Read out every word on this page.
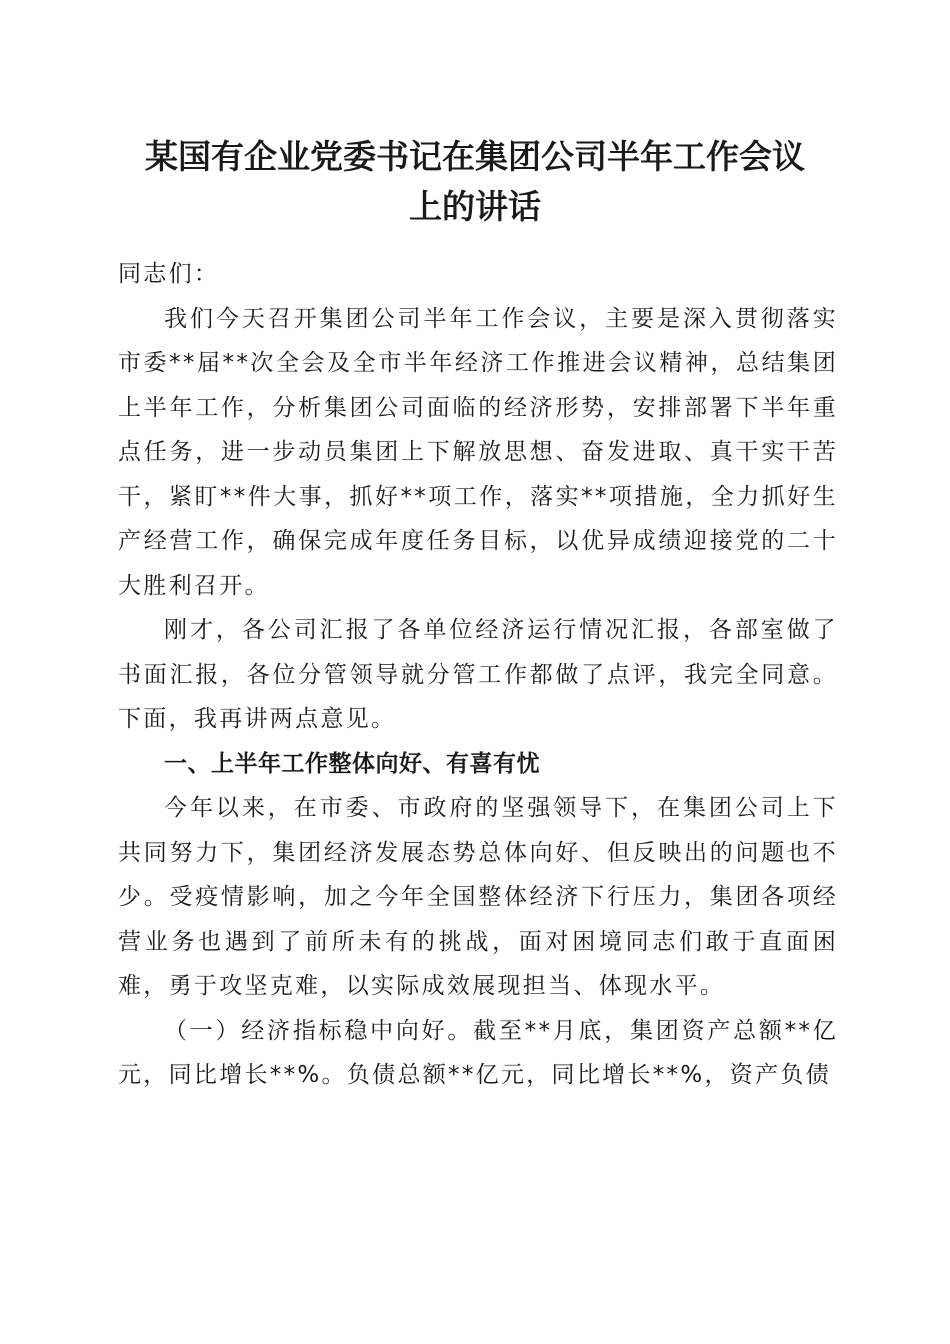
某国有企业党委书记在集团公司半年工作会议
上的讲话

同志们：

我们今天召开集团公司半年工作会议，主要是深入贯彻落实市委**届**次全会及全市半年经济工作推进会议精神，总结集团上半年工作，分析集团公司面临的经济形势，安排部署下半年重点任务，进一步动员集团上下解放思想、奋发进取、真干实干苦干，紧盯**件大事，抓好**项工作，落实**项措施，全力抓好生产经营工作，确保完成年度任务目标，以优异成绩迎接党的二十大胜利召开。

刚才，各公司汇报了各单位经济运行情况汇报，各部室做了书面汇报，各位分管领导就分管工作都做了点评，我完全同意。下面，我再讲两点意见。

一、上半年工作整体向好、有喜有忧

今年以来，在市委、市政府的坚强领导下，在集团公司上下共同努力下，集团经济发展态势总体向好、但反映出的问题也不少。受疫情影响，加之今年全国整体经济下行压力，集团各项经营业务也遇到了前所未有的挑战，面对困境同志们敢于直面困难，勇于攻坚克难，以实际成效展现担当、体现水平。

（一）经济指标稳中向好。截至**月底，集团资产总额**亿元，同比增长**%。负债总额**亿元，同比增长**%，资产负债
